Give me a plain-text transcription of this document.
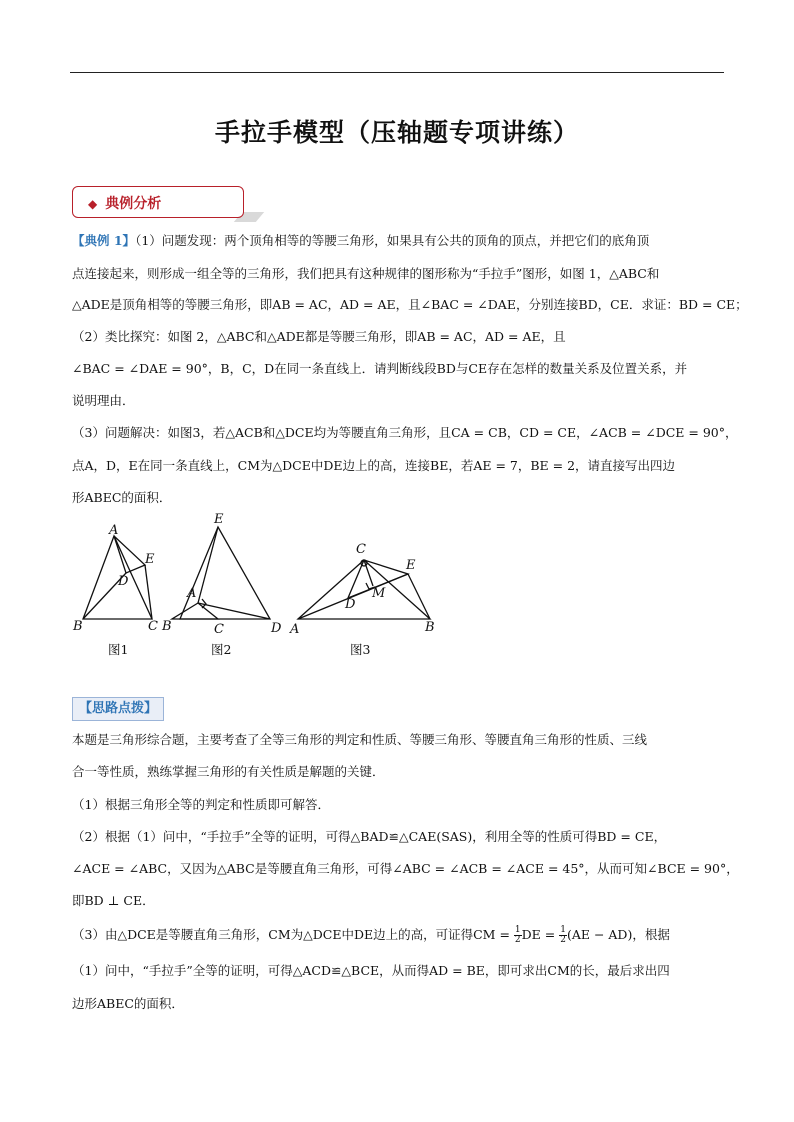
手拉手模型（压轴题专项讲练）
◆ 典例分析
【典例 1】（1）问题发现：两个顶角相等的等腰三角形，如果具有公共的顶角的顶点，并把它们的底角顶
点连接起来，则形成一组全等的三角形，我们把具有这种规律的图形称为“手拉手”图形，如图 1，△ABC和
△ADE是顶角相等的等腰三角形，即AB = AC，AD = AE，且∠BAC = ∠DAE，分别连接BD，CE．求证：BD = CE；
（2）类比探究：如图 2，△ABC和△ADE都是等腰三角形，即AB = AC，AD = AE，且
∠BAC = ∠DAE = 90°，B，C，D在同一条直线上．请判断线段BD与CE存在怎样的数量关系及位置关系，并
说明理由．
（3）问题解决：如图3，若△ACB和△DCE均为等腰直角三角形，且CA = CB，CD = CE，∠ACB = ∠DCE = 90°，
点A，D，E在同一条直线上，CM为△DCE中DE边上的高，连接BE，若AE = 7，BE = 2，请直接写出四边
形ABEC的面积．
A
E
D
B	C
E
A
B	C	D
C
E
M
D
A	B
图1	图2	图3
【思路点拨】
本题是三角形综合题，主要考查了全等三角形的判定和性质、等腰三角形、等腰直角三角形的性质、三线
合一等性质，熟练掌握三角形的有关性质是解题的关键．
（1）根据三角形全等的判定和性质即可解答．
（2）根据（1）问中，“手拉手”全等的证明，可得△BAD≌△CAE(SAS)，利用全等的性质可得BD = CE，
∠ACE = ∠ABC，又因为△ABC是等腰直角三角形，可得∠ABC = ∠ACB = ∠ACE = 45°，从而可知∠BCE = 90°，
即BD ⊥ CE．
（3）由△DCE是等腰直角三角形，CM为△DCE中DE边上的高，可证得CM = $\frac{1}{2}$ DE = $\frac{1}{2} (AE - AD)$，根据
（1）问中，“手拉手”全等的证明，可得△ACD≌△BCE，从而得AD = BE，即可求出CM的长，最后求出四
边形ABEC的面积．
